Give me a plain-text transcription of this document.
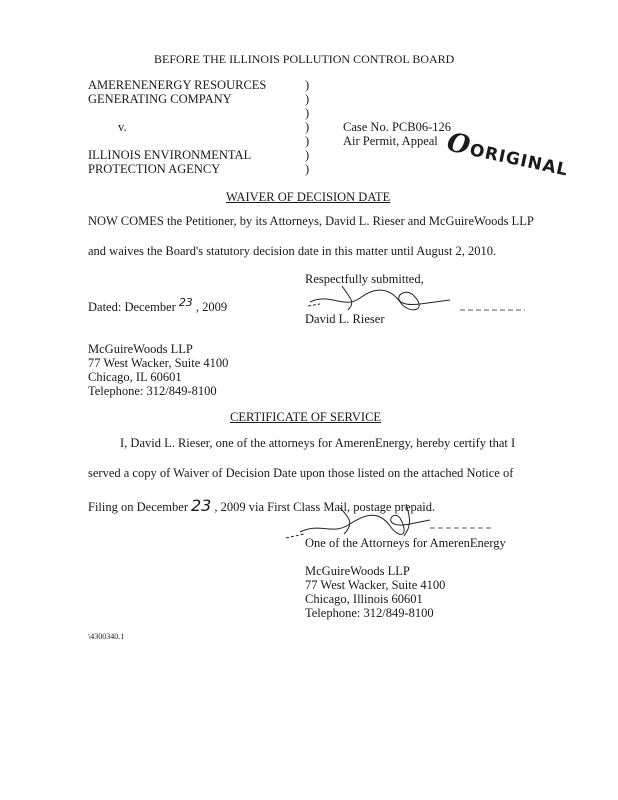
BEFORE THE ILLINOIS POLLUTION CONTROL BOARD
AMERENENERGY RESOURCES
GENERATING COMPANY
v.
ILLINOIS ENVIRONMENTAL
PROTECTION AGENCY
)
)
)
)
)
)
)
Case No. PCB06-126
Air Permit, Appeal OORIGINAL
WAIVER OF DECISION DATE
NOW COMES the Petitioner, by its Attorneys, David L. Rieser and McGuireWoods LLP
and waives the Board's statutory decision date in this matter until August 2, 2010.
Respectfully submitted,
Dated: December 23 , 2009
David L. Rieser
McGuireWoods LLP
77 West Wacker, Suite 4100
Chicago, IL 60601
Telephone: 312/849-8100
CERTIFICATE OF SERVICE
I, David L. Rieser, one of the attorneys for AmerenEnergy, hereby certify that I
served a copy of Waiver of Decision Date upon those listed on the attached Notice of
Filing on December 23 , 2009 via First Class Mail, postage prepaid.
One of the Attorneys for AmerenEnergy
McGuireWoods LLP
77 West Wacker, Suite 4100
Chicago, Illinois 60601
Telephone: 312/849-8100
\4300340.1
